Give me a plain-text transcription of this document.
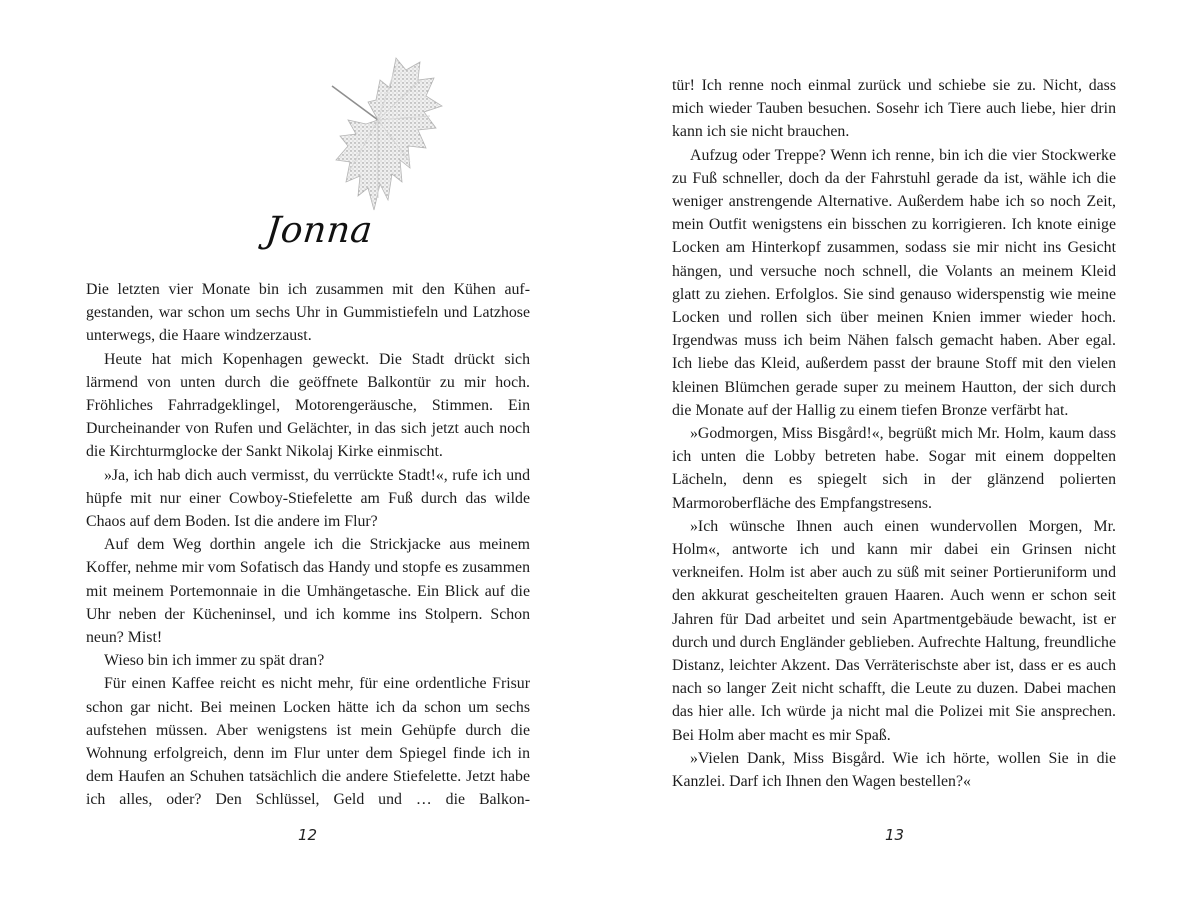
Jonna

Die letzten vier Monate bin ich zusammen mit den Kühen aufgestanden, war schon um sechs Uhr in Gummistiefeln und Latzhose unterwegs, die Haare windzerzaust.

Heute hat mich Kopenhagen geweckt. Die Stadt drückt sich lärmend von unten durch die geöffnete Balkontür zu mir hoch. Fröhliches Fahrradgeklingel, Motorengeräusche, Stimmen. Ein Durcheinander von Rufen und Gelächter, in das sich jetzt auch noch die Kirchturmglocke der Sankt Nikolaj Kirke einmischt.

»Ja, ich hab dich auch vermisst, du verrückte Stadt!«, rufe ich und hüpfe mit nur einer Cowboy-Stiefelette am Fuß durch das wilde Chaos auf dem Boden. Ist die andere im Flur?

Auf dem Weg dorthin angele ich die Strickjacke aus meinem Koffer, nehme mir vom Sofatisch das Handy und stopfe es zusammen mit meinem Portemonnaie in die Umhängetasche. Ein Blick auf die Uhr neben der Kücheninsel, und ich komme ins Stolpern. Schon neun? Mist!

Wieso bin ich immer zu spät dran?

Für einen Kaffee reicht es nicht mehr, für eine ordentliche Frisur schon gar nicht. Bei meinen Locken hätte ich da schon um sechs aufstehen müssen. Aber wenigstens ist mein Gehüpfe durch die Wohnung erfolgreich, denn im Flur unter dem Spiegel finde ich in dem Haufen an Schuhen tatsächlich die andere Stiefelette. Jetzt habe ich alles, oder? Den Schlüssel, Geld und … die Balkon-

12

tür! Ich renne noch einmal zurück und schiebe sie zu. Nicht, dass mich wieder Tauben besuchen. Sosehr ich Tiere auch liebe, hier drin kann ich sie nicht brauchen.

Aufzug oder Treppe? Wenn ich renne, bin ich die vier Stockwerke zu Fuß schneller, doch da der Fahrstuhl gerade da ist, wähle ich die weniger anstrengende Alternative. Außerdem habe ich so noch Zeit, mein Outfit wenigstens ein bisschen zu korrigieren. Ich knote einige Locken am Hinterkopf zusammen, sodass sie mir nicht ins Gesicht hängen, und versuche noch schnell, die Volants an meinem Kleid glatt zu ziehen. Erfolglos. Sie sind genauso widerspenstig wie meine Locken und rollen sich über meinen Knien immer wieder hoch. Irgendwas muss ich beim Nähen falsch gemacht haben. Aber egal. Ich liebe das Kleid, außerdem passt der braune Stoff mit den vielen kleinen Blümchen gerade super zu meinem Hautton, der sich durch die Monate auf der Hallig zu einem tiefen Bronze verfärbt hat.

»Godmorgen, Miss Bisgård!«, begrüßt mich Mr. Holm, kaum dass ich unten die Lobby betreten habe. Sogar mit einem doppelten Lächeln, denn es spiegelt sich in der glänzend polierten Marmoroberfläche des Empfangstresens.

»Ich wünsche Ihnen auch einen wundervollen Morgen, Mr. Holm«, antworte ich und kann mir dabei ein Grinsen nicht verkneifen. Holm ist aber auch zu süß mit seiner Portieruniform und den akkurat gescheitelten grauen Haaren. Auch wenn er schon seit Jahren für Dad arbeitet und sein Apartmentgebäude bewacht, ist er durch und durch Engländer geblieben. Aufrechte Haltung, freundliche Distanz, leichter Akzent. Das Verräterischste aber ist, dass er es auch nach so langer Zeit nicht schafft, die Leute zu duzen. Dabei machen das hier alle. Ich würde ja nicht mal die Polizei mit Sie ansprechen. Bei Holm aber macht es mir Spaß.

»Vielen Dank, Miss Bisgård. Wie ich hörte, wollen Sie in die Kanzlei. Darf ich Ihnen den Wagen bestellen?«

13
